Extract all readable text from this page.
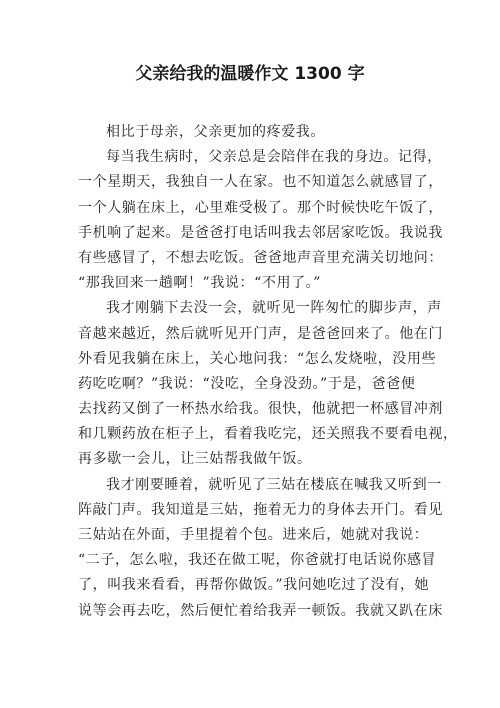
父亲给我的温暖作文 1300 字
相比于母亲，父亲更加的疼爱我。
每当我生病时，父亲总是会陪伴在我的身边。记得，
一个星期天，我独自一人在家。也不知道怎么就感冒了，
一个人躺在床上，心里难受极了。那个时候快吃午饭了，
手机响了起来。是爸爸打电话叫我去邻居家吃饭。我说我
有些感冒了，不想去吃饭。爸爸地声音里充满关切地问：
“那我回来一趟啊！”我说：“不用了。”
我才刚躺下去没一会，就听见一阵匆忙的脚步声，声
音越来越近，然后就听见开门声，是爸爸回来了。他在门
外看见我躺在床上，关心地问我：“怎么发烧啦，没用些
药吃吃啊？”我说：“没吃，全身没劲。”于是，爸爸便
去找药又倒了一杯热水给我。很快，他就把一杯感冒冲剂
和几颗药放在柜子上，看着我吃完，还关照我不要看电视，
再多歇一会儿，让三姑帮我做午饭。
我才刚要睡着，就听见了三姑在楼底在喊我又听到一
阵敲门声。我知道是三姑，拖着无力的身体去开门。看见
三姑站在外面，手里提着个包。进来后，她就对我说：
“二子，怎么啦，我还在做工呢，你爸就打电话说你感冒
了，叫我来看看，再帮你做饭。”我问她吃过了没有，她
说等会再去吃，然后便忙着给我弄一顿饭。我就又趴在床
